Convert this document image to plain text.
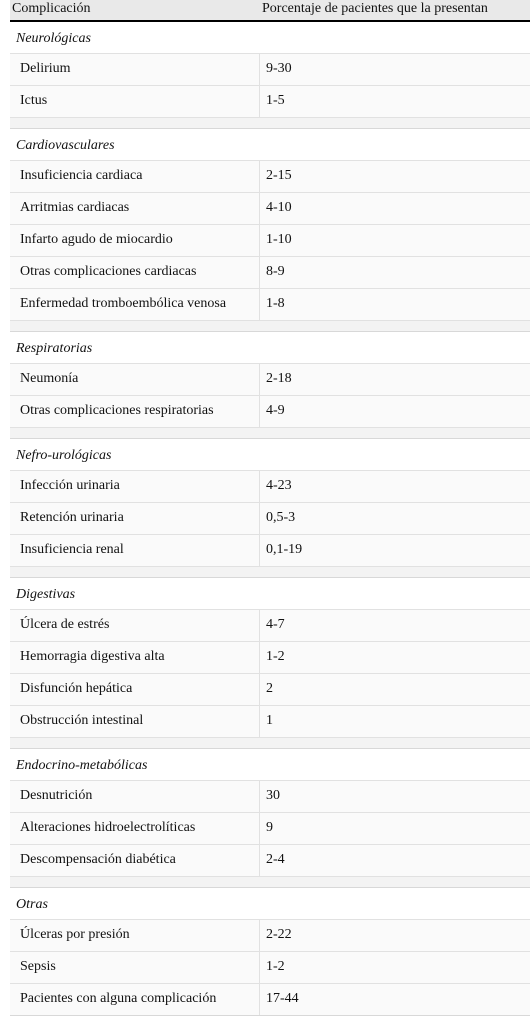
Complicación	Porcentaje de pacientes que la presentan
Neurológicas
Delirium	9-30
Ictus	1-5
Cardiovasculares
Insuficiencia cardiaca	2-15
Arritmias cardiacas	4-10
Infarto agudo de miocardio	1-10
Otras complicaciones cardiacas	8-9
Enfermedad tromboembólica venosa	1-8
Respiratorias
Neumonía	2-18
Otras complicaciones respiratorias	4-9
Nefro-urológicas
Infección urinaria	4-23
Retención urinaria	0,5-3
Insuficiencia renal	0,1-19
Digestivas
Úlcera de estrés	4-7
Hemorragia digestiva alta	1-2
Disfunción hepática	2
Obstrucción intestinal	1
Endocrino-metabólicas
Desnutrición	30
Alteraciones hidroelectrolíticas	9
Descompensación diabética	2-4
Otras
Úlceras por presión	2-22
Sepsis	1-2
Pacientes con alguna complicación	17-44
